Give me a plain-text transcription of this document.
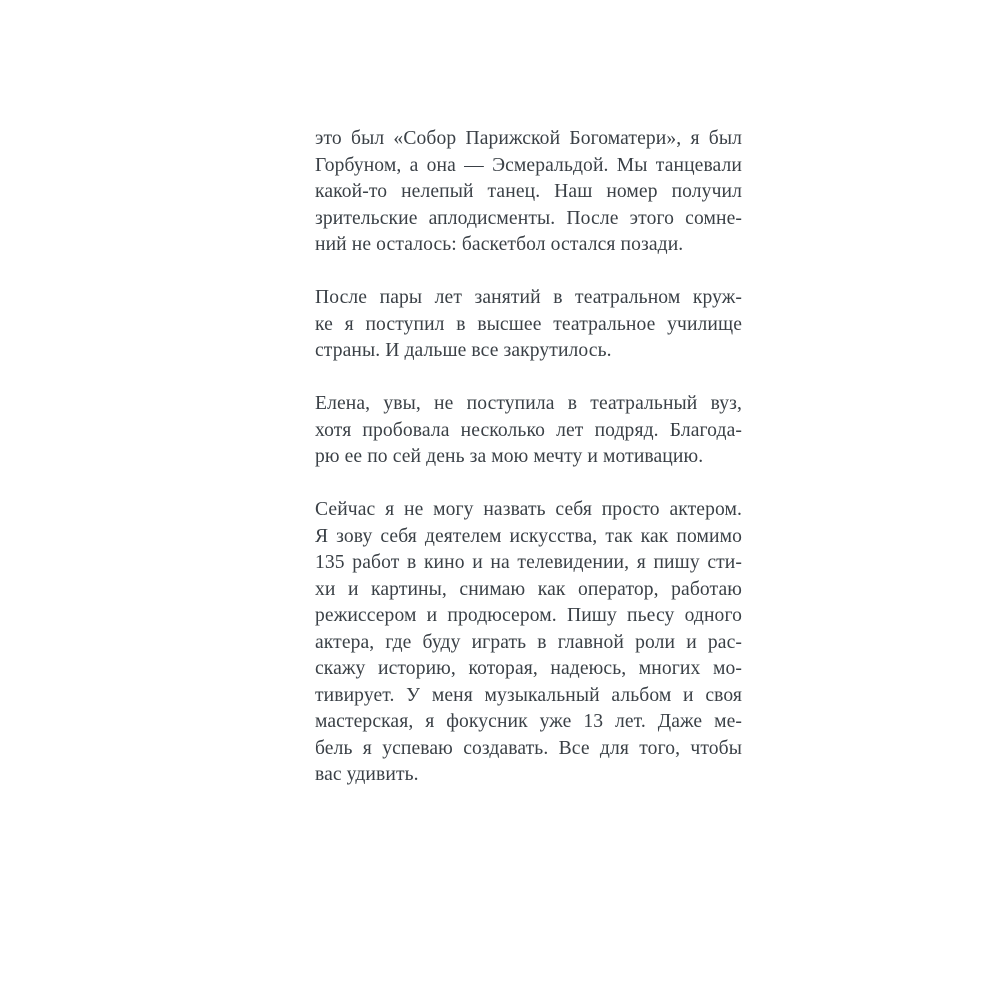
это был «Собор Парижской Богоматери», я был
Горбуном, а она — Эсмеральдой. Мы танцевали
какой-то нелепый танец. Наш номер получил
зрительские аплодисменты. После этого сомне-
ний не осталось: баскетбол остался позади.
После пары лет занятий в театральном круж-
ке я поступил в высшее театральное училище
страны. И дальше все закрутилось.
Елена, увы, не поступила в театральный вуз,
хотя пробовала несколько лет подряд. Благода-
рю ее по сей день за мою мечту и мотивацию.
Сейчас я не могу назвать себя просто актером.
Я зову себя деятелем искусства, так как помимо
135 работ в кино и на телевидении, я пишу сти-
хи и картины, снимаю как оператор, работаю
режиссером и продюсером. Пишу пьесу одного
актера, где буду играть в главной роли и рас-
скажу историю, которая, надеюсь, многих мо-
тивирует. У меня музыкальный альбом и своя
мастерская, я фокусник уже 13 лет. Даже ме-
бель я успеваю создавать. Все для того, чтобы
вас удивить.
